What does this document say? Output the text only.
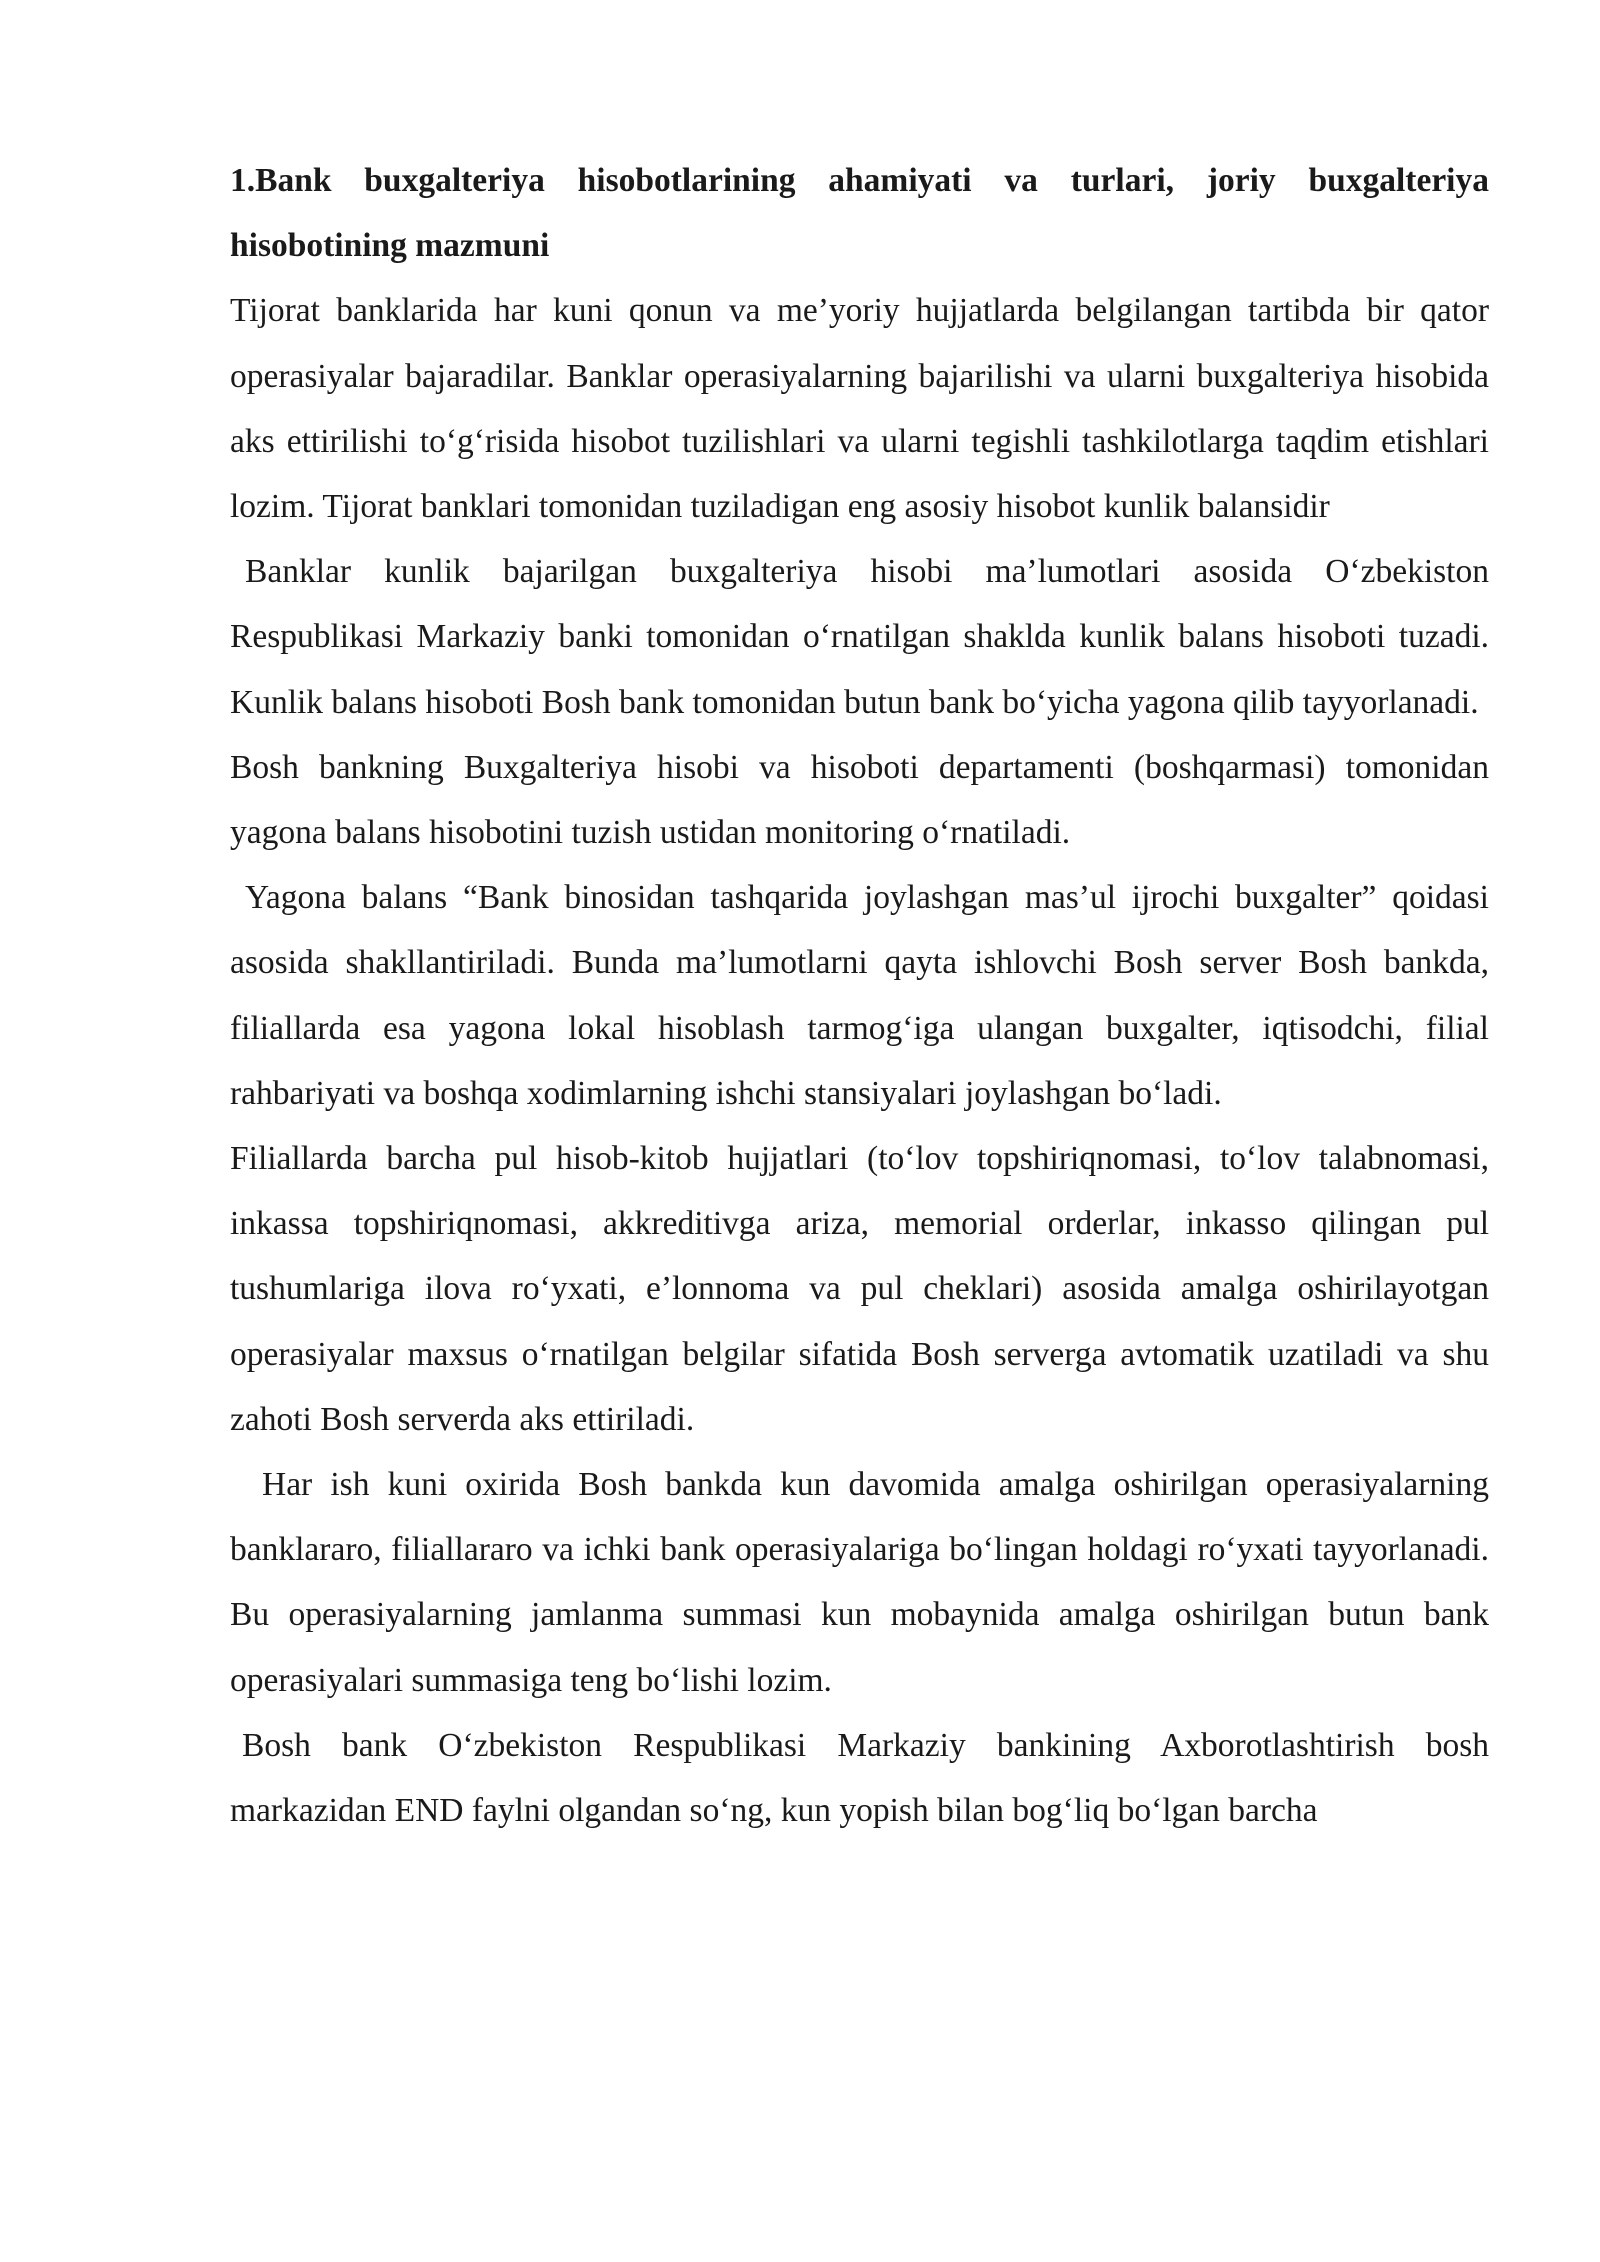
1.Bank buxgalteriya hisobotlarining ahamiyati va turlari, joriy buxgalteriya hisobotining mazmuni

Tijorat banklarida har kuni qonun va me’yoriy hujjatlarda belgilangan tartibda bir qator operasiyalar bajaradilar. Banklar operasiyalarning bajarilishi va ularni buxgalteriya hisobida aks ettirilishi to‘g‘risida hisobot tuzilishlari va ularni tegishli tashkilotlarga taqdim etishlari lozim. Tijorat banklari tomonidan tuziladigan eng asosiy hisobot kunlik balansidir

Banklar kunlik bajarilgan buxgalteriya hisobi ma’lumotlari asosida O‘zbekiston Respublikasi Markaziy banki tomonidan o‘rnatilgan shaklda kunlik balans hisoboti tuzadi. Kunlik balans hisoboti Bosh bank tomonidan butun bank bo‘yicha yagona qilib tayyorlanadi.

Bosh bankning Buxgalteriya hisobi va hisoboti departamenti (boshqarmasi) tomonidan yagona balans hisobotini tuzish ustidan monitoring o‘rnatiladi.

Yagona balans “Bank binosidan tashqarida joylashgan mas’ul ijrochi buxgalter” qoidasi asosida shakllantiriladi. Bunda ma’lumotlarni qayta ishlovchi Bosh server Bosh bankda, filiallarda esa yagona lokal hisoblash tarmog‘iga ulangan buxgalter, iqtisodchi, filial rahbariyati va boshqa xodimlarning ishchi stansiyalari joylashgan bo‘ladi.

Filiallarda barcha pul hisob-kitob hujjatlari (to‘lov topshiriqnomasi, to‘lov talabnomasi, inkassa topshiriqnomasi, akkreditivga ariza, memorial orderlar, inkasso qilingan pul tushumlariga ilova ro‘yxati, e’lonnoma va pul cheklari) asosida amalga oshirilayotgan operasiyalar maxsus o‘rnatilgan belgilar sifatida Bosh serverga avtomatik uzatiladi va shu zahoti Bosh serverda aks ettiriladi.

Har ish kuni oxirida Bosh bankda kun davomida amalga oshirilgan operasiyalarning banklararo, filiallararo va ichki bank operasiyalariga bo‘lingan holdagi ro‘yxati tayyorlanadi. Bu operasiyalarning jamlanma summasi kun mobaynida amalga oshirilgan butun bank operasiyalari summasiga teng bo‘lishi lozim.

Bosh bank O‘zbekiston Respublikasi Markaziy bankining Axborotlashtirish bosh markazidan END faylni olgandan so‘ng, kun yopish bilan bog‘liq bo‘lgan barcha
